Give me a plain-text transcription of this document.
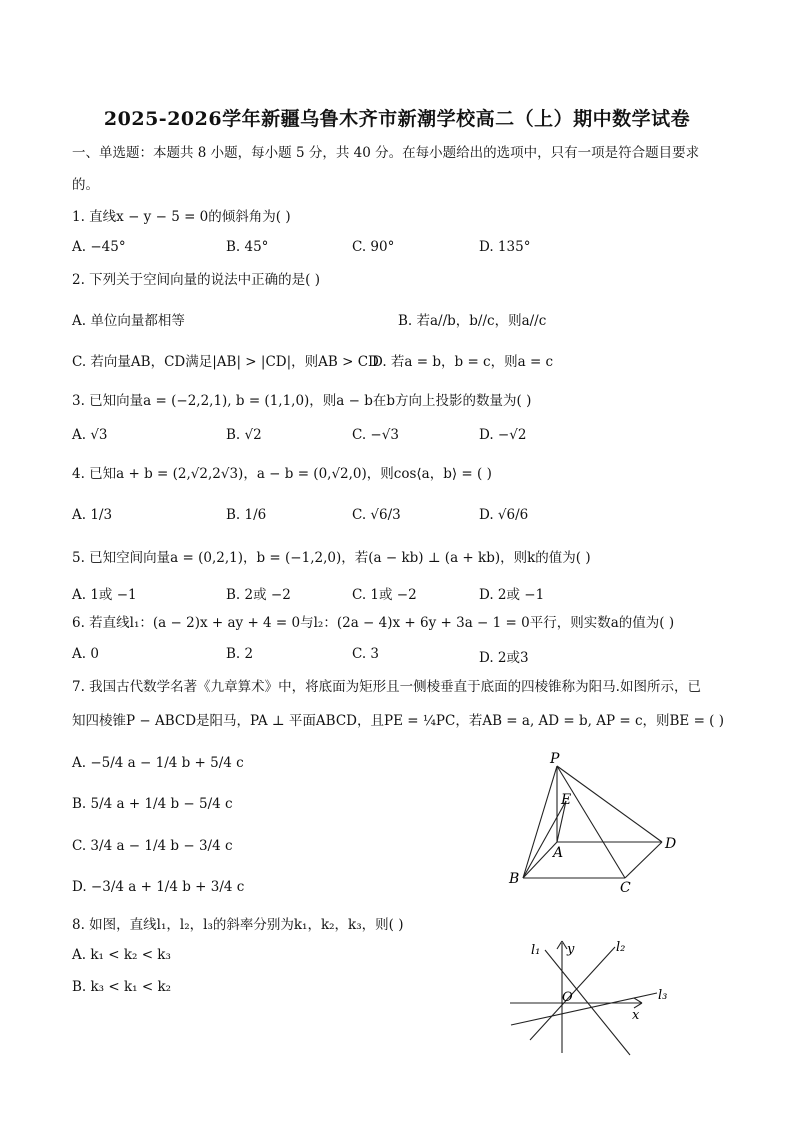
2025-2026学年新疆乌鲁木齐市新潮学校高二（上）期中数学试卷
一、单选题：本题共 8 小题，每小题 5 分，共 40 分。在每小题给出的选项中，只有一项是符合题目要求
的。
1. 直线x − y − 5 = 0的倾斜角为( )
A. −45°	B. 45°	C. 90°	D. 135°
2. 下列关于空间向量的说法中正确的是( )
A. 单位向量都相等	B. 若a//b，b//c，则a//c
C. 若向量AB，CD满足|AB| > |CD|，则AB > CD
D. 若a = b，b = c，则a = c
3. 已知向量a = (−2,2,1), b = (1,1,0)，则a − b在b方向上投影的数量为( )
A. √3	B. √2	C. −√3	D. −√2
4. 已知a + b = (2,√2,2√3)，a − b = (0,√2,0)，则cos⟨a，b⟩ = ( )
A. 1/3	B. 1/6	C. √6/3	D. √6/6
5. 已知空间向量a = (0,2,1)，b = (−1,2,0)，若(a − kb) ⊥ (a + kb)，则k的值为( )
A. 1或 −1	B. 2或 −2	C. 1或 −2	D. 2或 −1
6. 若直线l₁：(a − 2)x + ay + 4 = 0与l₂：(2a − 4)x + 6y + 3a − 1 = 0平行，则实数a的值为( )
A. 0	B. 2	C. 3	D. 2或3
7. 我国古代数学名著《九章算术》中，将底面为矩形且一侧棱垂直于底面的四棱锥称为阳马.如图所示，已
知四棱锥P − ABCD是阳马，PA ⊥ 平面ABCD，且PE = ¼PC，若AB = a, AD = b, AP = c，则BE = ( )
A. −5/4 a − 1/4 b + 5/4 c
B. 5/4 a + 1/4 b − 5/4 c
C. 3/4 a − 1/4 b − 3/4 c
D. −3/4 a + 1/4 b + 3/4 c
P
E
A
B
C
D
8. 如图，直线l₁，l₂，l₃的斜率分别为k₁，k₂，k₃，则( )
A. k₁ < k₂ < k₃
B. k₃ < k₁ < k₂
l₁ y	l₂
l₃
O
x
